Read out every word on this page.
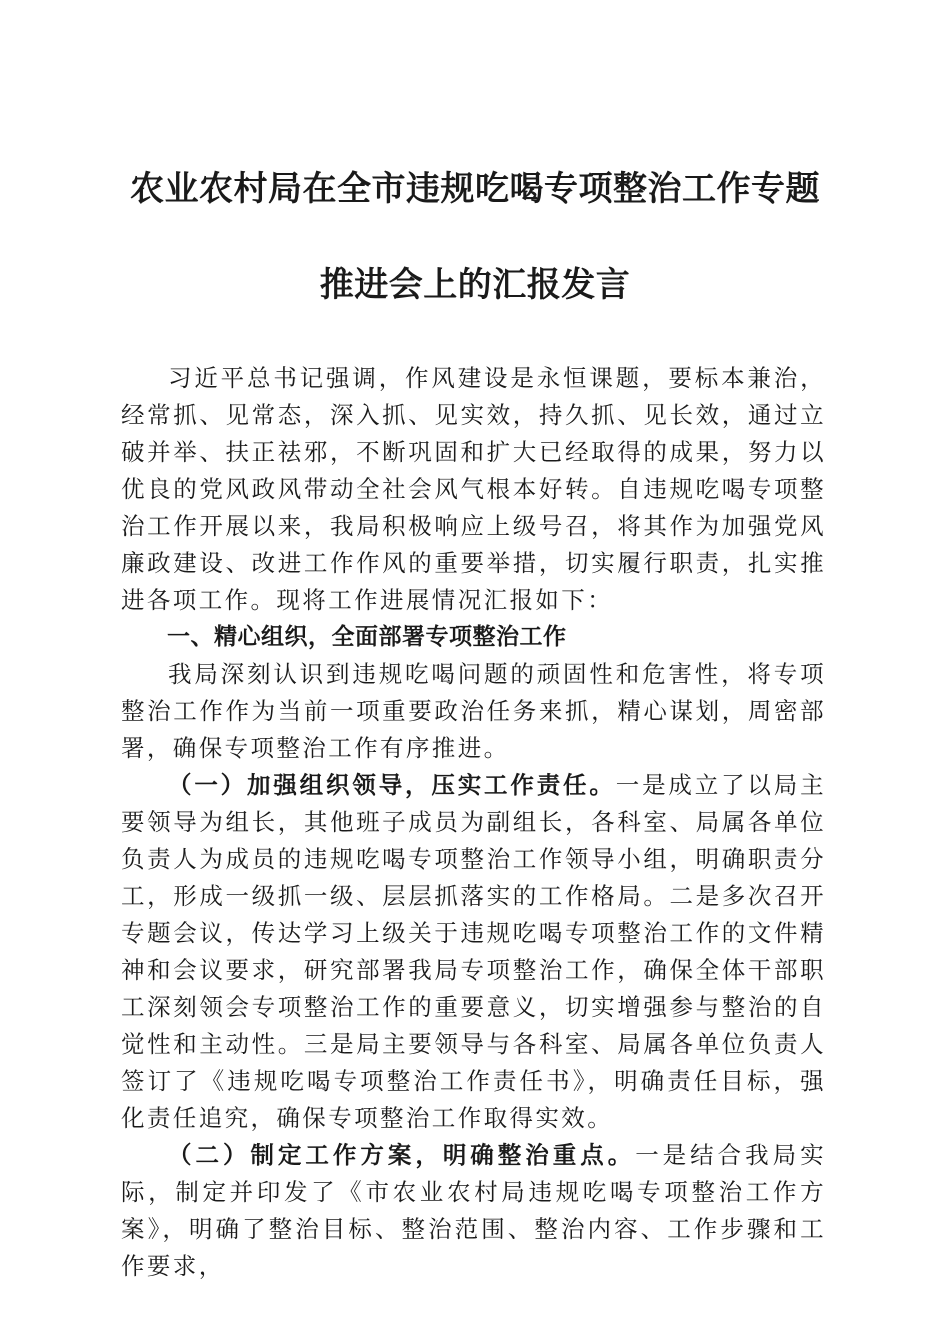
农业农村局在全市违规吃喝专项整治工作专题
推进会上的汇报发言

习近平总书记强调，作风建设是永恒课题，要标本兼治，经常抓、见常态，深入抓、见实效，持久抓、见长效，通过立破并举、扶正祛邪，不断巩固和扩大已经取得的成果，努力以优良的党风政风带动全社会风气根本好转。自违规吃喝专项整治工作开展以来，我局积极响应上级号召，将其作为加强党风廉政建设、改进工作作风的重要举措，切实履行职责，扎实推进各项工作。现将工作进展情况汇报如下：

一、精心组织，全面部署专项整治工作

我局深刻认识到违规吃喝问题的顽固性和危害性，将专项整治工作作为当前一项重要政治任务来抓，精心谋划，周密部署，确保专项整治工作有序推进。

（一）加强组织领导，压实工作责任。一是成立了以局主要领导为组长，其他班子成员为副组长，各科室、局属各单位负责人为成员的违规吃喝专项整治工作领导小组，明确职责分工，形成一级抓一级、层层抓落实的工作格局。二是多次召开专题会议，传达学习上级关于违规吃喝专项整治工作的文件精神和会议要求，研究部署我局专项整治工作，确保全体干部职工深刻领会专项整治工作的重要意义，切实增强参与整治的自觉性和主动性。三是局主要领导与各科室、局属各单位负责人签订了《违规吃喝专项整治工作责任书》，明确责任目标，强化责任追究，确保专项整治工作取得实效。

（二）制定工作方案，明确整治重点。一是结合我局实际，制定并印发了《市农业农村局违规吃喝专项整治工作方案》，明确了整治目标、整治范围、整治内容、工作步骤和工作要求，
